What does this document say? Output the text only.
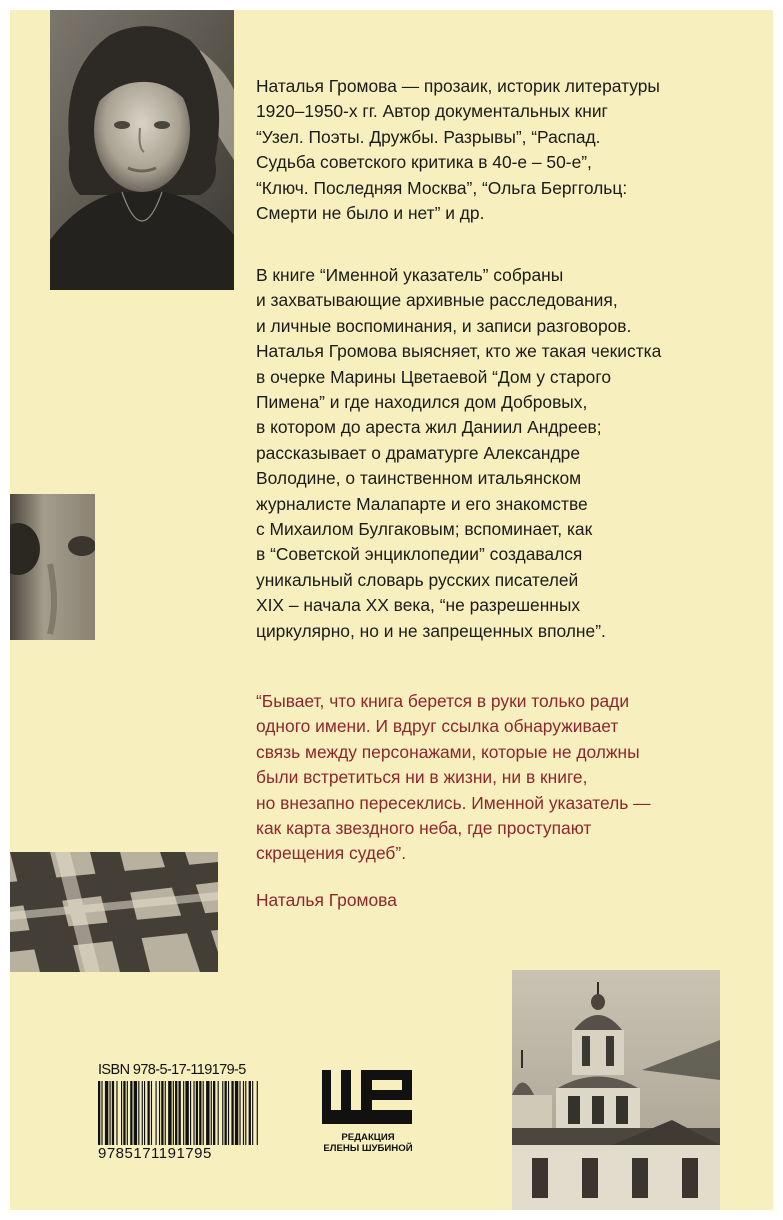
Наталья Громова — прозаик, историк литературы
1920–1950-х гг. Автор документальных книг
“Узел. Поэты. Дружбы. Разрывы”, “Распад.
Судьба советского критика в 40-е – 50-е”,
“Ключ. Последняя Москва”, “Ольга Берггольц:
Смерти не было и нет” и др.

В книге “Именной указатель” собраны
и захватывающие архивные расследования,
и личные воспоминания, и записи разговоров.
Наталья Громова выясняет, кто же такая чекистка
в очерке Марины Цветаевой “Дом у старого
Пимена” и где находился дом Добровых,
в котором до ареста жил Даниил Андреев;
рассказывает о драматурге Александре
Володине, о таинственном итальянском
журналисте Малапарте и его знакомстве
с Михаилом Булгаковым; вспоминает, как
в “Советской энциклопедии” создавался
уникальный словарь русских писателей
XIX – начала XX века, “не разрешенных
циркулярно, но и не запрещенных вполне”.

“Бывает, что книга берется в руки только ради
одного имени. И вдруг ссылка обнаруживает
связь между персонажами, которые не должны
были встретиться ни в жизни, ни в книге,
но внезапно пересеклись. Именной указатель —
как карта звездного неба, где проступают
скрещения судеб”.

Наталья Громова

ISBN 978-5-17-119179-5
9785171191795
РЕДАКЦИЯ
ЕЛЕНЫ ШУБИНОЙ
